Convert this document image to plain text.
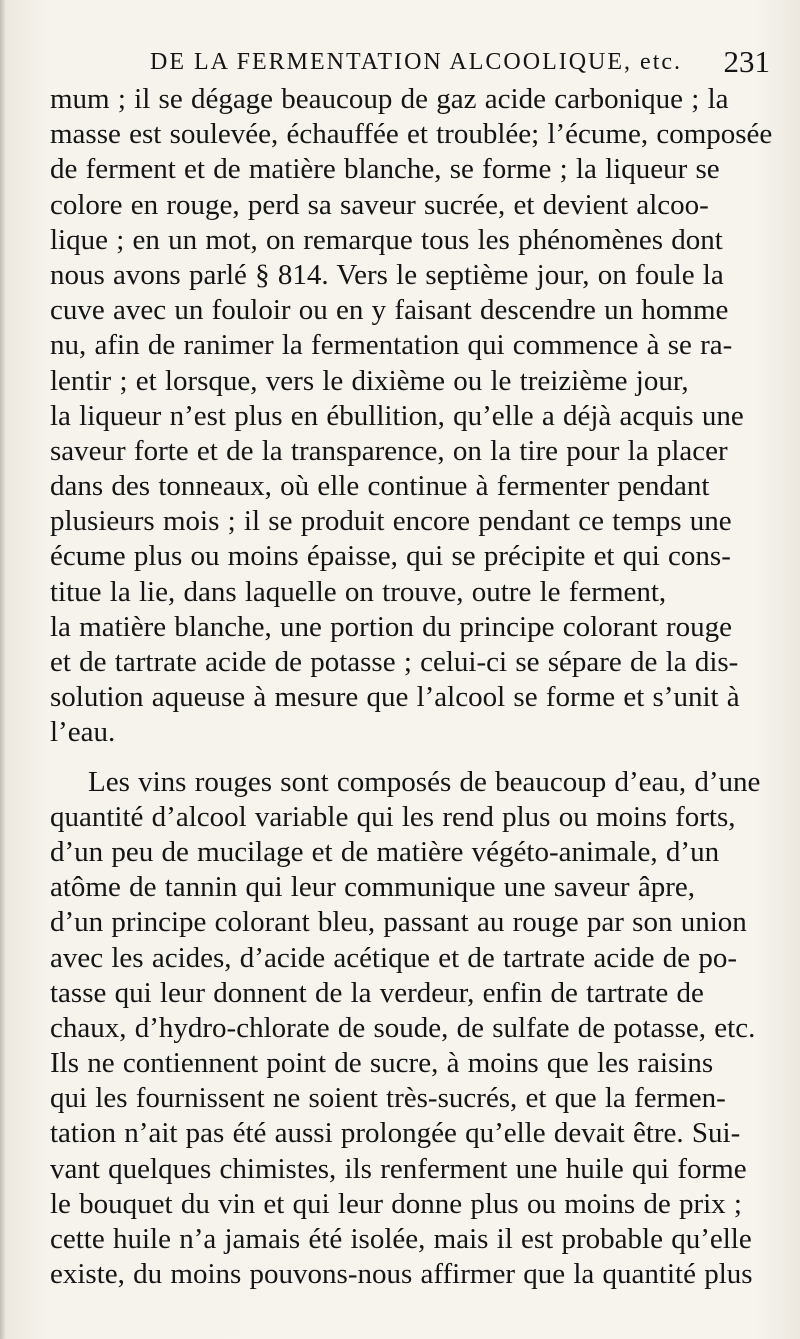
DE LA FERMENTATION ALCOOLIQUE, etc. 231
mum ; il se dégage beaucoup de gaz acide carbonique ; la
masse est soulevée, échauffée et troublée; l’écume, composée
de ferment et de matière blanche, se forme ; la liqueur se
colore en rouge, perd sa saveur sucrée, et devient alcoo-
lique ; en un mot, on remarque tous les phénomènes dont
nous avons parlé § 814. Vers le septième jour, on foule la
cuve avec un fouloir ou en y faisant descendre un homme
nu, afin de ranimer la fermentation qui commence à se ra-
lentir ; et lorsque, vers le dixième ou le treizième jour,
la liqueur n’est plus en ébullition, qu’elle a déjà acquis une
saveur forte et de la transparence, on la tire pour la placer
dans des tonneaux, où elle continue à fermenter pendant
plusieurs mois ; il se produit encore pendant ce temps une
écume plus ou moins épaisse, qui se précipite et qui cons-
titue la lie, dans laquelle on trouve, outre le ferment,
la matière blanche, une portion du principe colorant rouge
et de tartrate acide de potasse ; celui-ci se sépare de la dis-
solution aqueuse à mesure que l’alcool se forme et s’unit à
l’eau.
Les vins rouges sont composés de beaucoup d’eau, d’une
quantité d’alcool variable qui les rend plus ou moins forts,
d’un peu de mucilage et de matière végéto-animale, d’un
atôme de tannin qui leur communique une saveur âpre,
d’un principe colorant bleu, passant au rouge par son union
avec les acides, d’acide acétique et de tartrate acide de po-
tasse qui leur donnent de la verdeur, enfin de tartrate de
chaux, d’hydro-chlorate de soude, de sulfate de potasse, etc.
Ils ne contiennent point de sucre, à moins que les raisins
qui les fournissent ne soient très-sucrés, et que la fermen-
tation n’ait pas été aussi prolongée qu’elle devait être. Sui-
vant quelques chimistes, ils renferment une huile qui forme
le bouquet du vin et qui leur donne plus ou moins de prix ;
cette huile n’a jamais été isolée, mais il est probable qu’elle
existe, du moins pouvons-nous affirmer que la quantité plus
